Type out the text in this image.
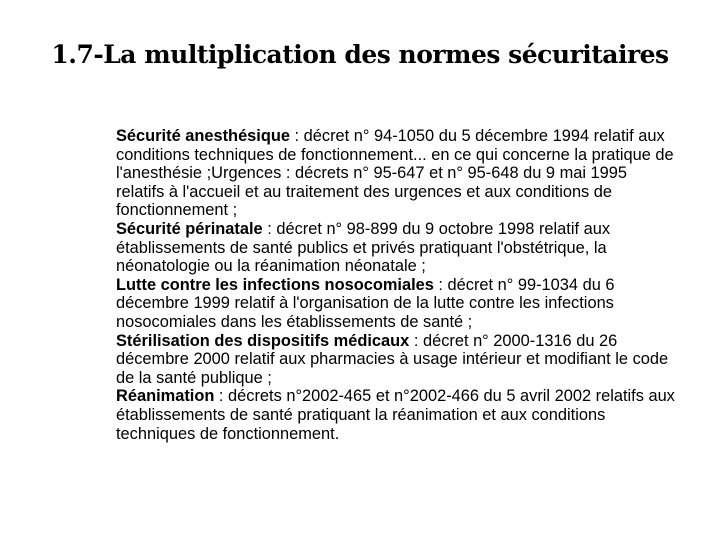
1.7-La multiplication des normes sécuritaires

Sécurité anesthésique : décret n° 94-1050 du 5 décembre 1994 relatif aux conditions techniques de fonctionnement... en ce qui concerne la pratique de l'anesthésie ;Urgences : décrets n° 95-647 et n° 95-648 du 9 mai 1995 relatifs à l'accueil et au traitement des urgences et aux conditions de fonctionnement ;

Sécurité périnatale : décret n° 98-899 du 9 octobre 1998 relatif aux établissements de santé publics et privés pratiquant l'obstétrique, la néonatologie ou la réanimation néonatale ;

Lutte contre les infections nosocomiales : décret n° 99-1034 du 6 décembre 1999 relatif à l'organisation de la lutte contre les infections nosocomiales dans les établissements de santé ;

Stérilisation des dispositifs médicaux : décret n° 2000-1316 du 26 décembre 2000 relatif aux pharmacies à usage intérieur et modifiant le code de la santé publique ;

Réanimation : décrets n°2002-465 et n°2002-466 du 5 avril 2002 relatifs aux établissements de santé pratiquant la réanimation et aux conditions techniques de fonctionnement.
